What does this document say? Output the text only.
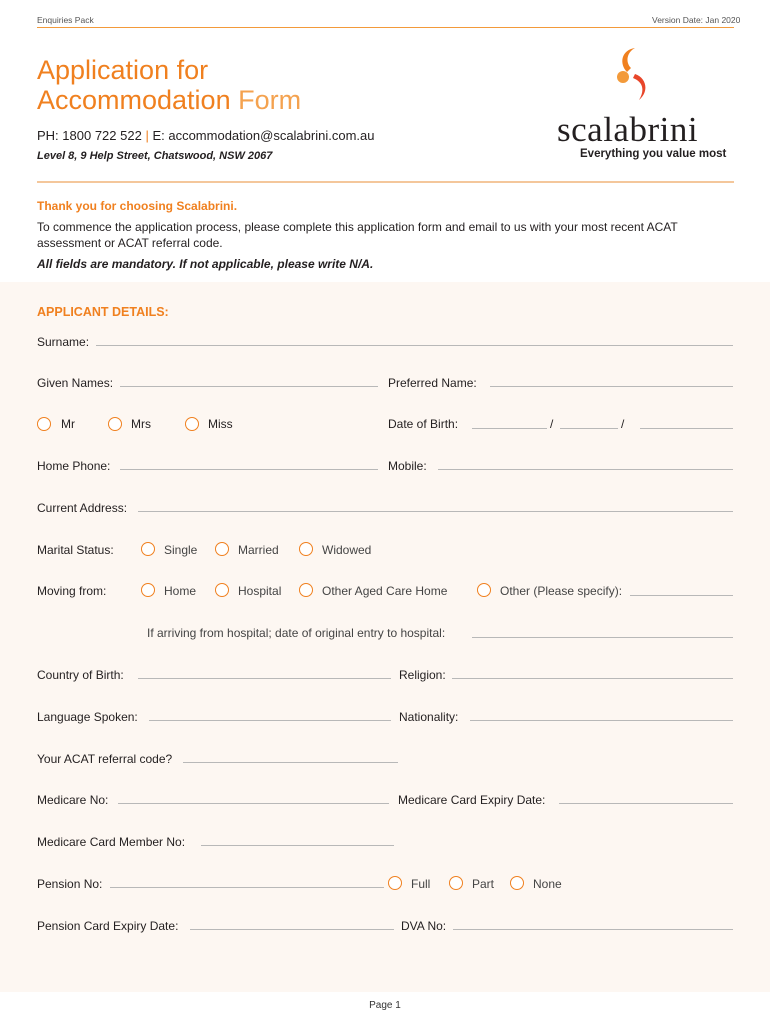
Enquiries Pack	Version Date: Jan 2020
Application for
Accommodation Form
PH: 1800 722 522 | E: accommodation@scalabrini.com.au
Level 8, 9 Help Street, Chatswood, NSW 2067
scalabrini
Everything you value most
Thank you for choosing Scalabrini.
To commence the application process, please complete this application form and email to us with your most recent ACAT assessment or ACAT referral code.
All fields are mandatory. If not applicable, please write N/A.
APPLICANT DETAILS:
Surname:
Given Names:	Preferred Name:
Mr	Mrs	Miss	Date of Birth:	/	/
Home Phone:	Mobile:
Current Address:
Marital Status:	Single	Married	Widowed
Moving from:	Home	Hospital	Other Aged Care Home	Other (Please specify):
If arriving from hospital; date of original entry to hospital:
Country of Birth:	Religion:
Language Spoken:	Nationality:
Your ACAT referral code?
Medicare No:	Medicare Card Expiry Date:
Medicare Card Member No:
Pension No:	Full	Part	None
Pension Card Expiry Date:	DVA No:
Page 1
